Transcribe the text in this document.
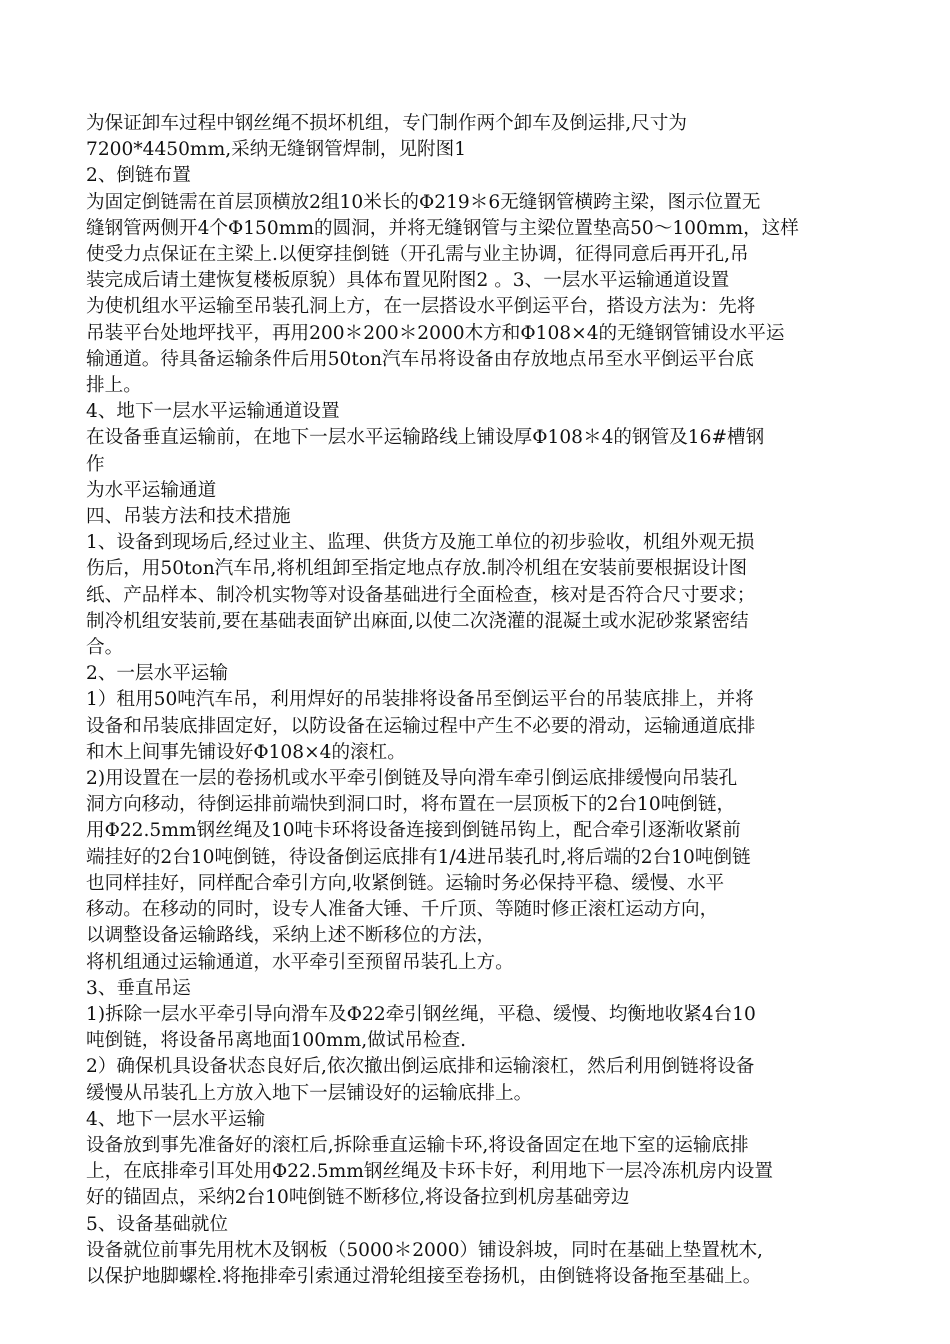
为保证卸车过程中钢丝绳不损坏机组，专门制作两个卸车及倒运排,尺寸为
7200*4450mm,采纳无缝钢管焊制，见附图1
2、倒链布置
为固定倒链需在首层顶横放2组10米长的Φ219＊6无缝钢管横跨主梁，图示位置无
缝钢管两侧开4个Φ150mm的圆洞，并将无缝钢管与主梁位置垫高50～100mm，这样
使受力点保证在主梁上.以便穿挂倒链（开孔需与业主协调，征得同意后再开孔,吊
装完成后请土建恢复楼板原貌）具体布置见附图2 。3、一层水平运输通道设置
为使机组水平运输至吊装孔洞上方，在一层搭设水平倒运平台，搭设方法为：先将
吊装平台处地坪找平，再用200＊200＊2000木方和Φ108×4的无缝钢管铺设水平运
输通道。待具备运输条件后用50ton汽车吊将设备由存放地点吊至水平倒运平台底
排上。
4、地下一层水平运输通道设置
在设备垂直运输前，在地下一层水平运输路线上铺设厚Φ108＊4的钢管及16#槽钢
作
为水平运输通道
四、吊装方法和技术措施
1、设备到现场后,经过业主、监理、供货方及施工单位的初步验收，机组外观无损
伤后，用50ton汽车吊,将机组卸至指定地点存放.制冷机组在安装前要根据设计图
纸、产品样本、制冷机实物等对设备基础进行全面检查，核对是否符合尺寸要求；
制冷机组安装前,要在基础表面铲出麻面,以使二次浇灌的混凝土或水泥砂浆紧密结
合。
2、一层水平运输
1）租用50吨汽车吊，利用焊好的吊装排将设备吊至倒运平台的吊装底排上，并将
设备和吊装底排固定好，以防设备在运输过程中产生不必要的滑动，运输通道底排
和木上间事先铺设好Φ108×4的滚杠。
2)用设置在一层的卷扬机或水平牵引倒链及导向滑车牵引倒运底排缓慢向吊装孔
洞方向移动，待倒运排前端快到洞口时，将布置在一层顶板下的2台10吨倒链，
用Φ22.5mm钢丝绳及10吨卡环将设备连接到倒链吊钩上，配合牵引逐渐收紧前
端挂好的2台10吨倒链，待设备倒运底排有1/4进吊装孔时,将后端的2台10吨倒链
也同样挂好，同样配合牵引方向,收紧倒链。运输时务必保持平稳、缓慢、水平
移动。在移动的同时，设专人准备大锤、千斤顶、等随时修正滚杠运动方向，
以调整设备运输路线，采纳上述不断移位的方法，
将机组通过运输通道，水平牵引至预留吊装孔上方。
3、垂直吊运
1)拆除一层水平牵引导向滑车及Φ22牵引钢丝绳，平稳、缓慢、均衡地收紧4台10
吨倒链，将设备吊离地面100mm,做试吊检查.
2）确保机具设备状态良好后,依次撤出倒运底排和运输滚杠，然后利用倒链将设备
缓慢从吊装孔上方放入地下一层铺设好的运输底排上。
4、地下一层水平运输
设备放到事先准备好的滚杠后,拆除垂直运输卡环,将设备固定在地下室的运输底排
上，在底排牵引耳处用Φ22.5mm钢丝绳及卡环卡好，利用地下一层冷冻机房内设置
好的锚固点，采纳2台10吨倒链不断移位,将设备拉到机房基础旁边
5、设备基础就位
设备就位前事先用枕木及钢板（5000＊2000）铺设斜坡，同时在基础上垫置枕木,
以保护地脚螺栓.将拖排牵引索通过滑轮组接至卷扬机，由倒链将设备拖至基础上。
